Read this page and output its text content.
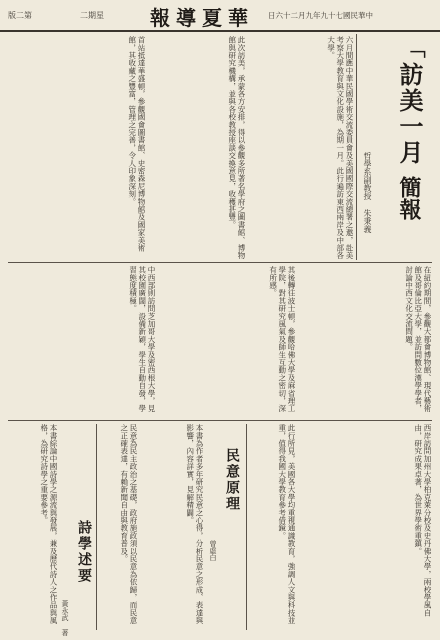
版二第	二期星 報導夏華 日六十二月九年九十七國民華中
「
訪美一月
簡報
哲學系副教授 朱秉義
六月間應中華民國學術交流委員會及美國國際交流總署之邀，赴美考察大學教育與文化設施，為期一月。此行遍訪東西兩岸及中部各大學。
此次訪美，承蒙各方安排，得以參觀多所著名學府之圖書館、博物館與研究機構，並與各校教授座談交換意見，收穫甚豐。
首站抵達華盛頓，參觀國會圖書館、史密森尼博物館及國家美術館，其收藏之豐富，管理之完善，令人印象深刻。
在紐約期間，參觀大都會博物館、現代藝術館及哥倫比亞大學，並訪問數位漢學學者，討論中西文化交流問題。
其後轉往波士頓，參觀哈佛大學及麻省理工學院，對其研究風氣及師生互動之密切，深有所感。
中西部則訪問芝加哥大學及密西根大學，見其校園廣闊，設備新穎，學生自動自發，學習態度積極。
西岸訪問加州大學柏克萊分校及史丹佛大學，兩校學風自由，研究成果卓著，為世界學術重鎮。
此行所見，美國各大學均重視通識教育，強調人文與科技並重，值得我國大學教育參考借鏡。
民意原理
曾虛白
本書為作者多年研究民意之心得，分析民意之形成、表達與影響，內容詳實，見解精闢。
民意為民主政治之基礎，政府施政須以民意為依歸，而民意之正確表達，有賴新聞自由與教育普及。
詩學述要
黃永武 著
本書綜論中國詩學之源流與發展，兼及歷代詩人之作品與風格，為研究詩學之重要參考。
